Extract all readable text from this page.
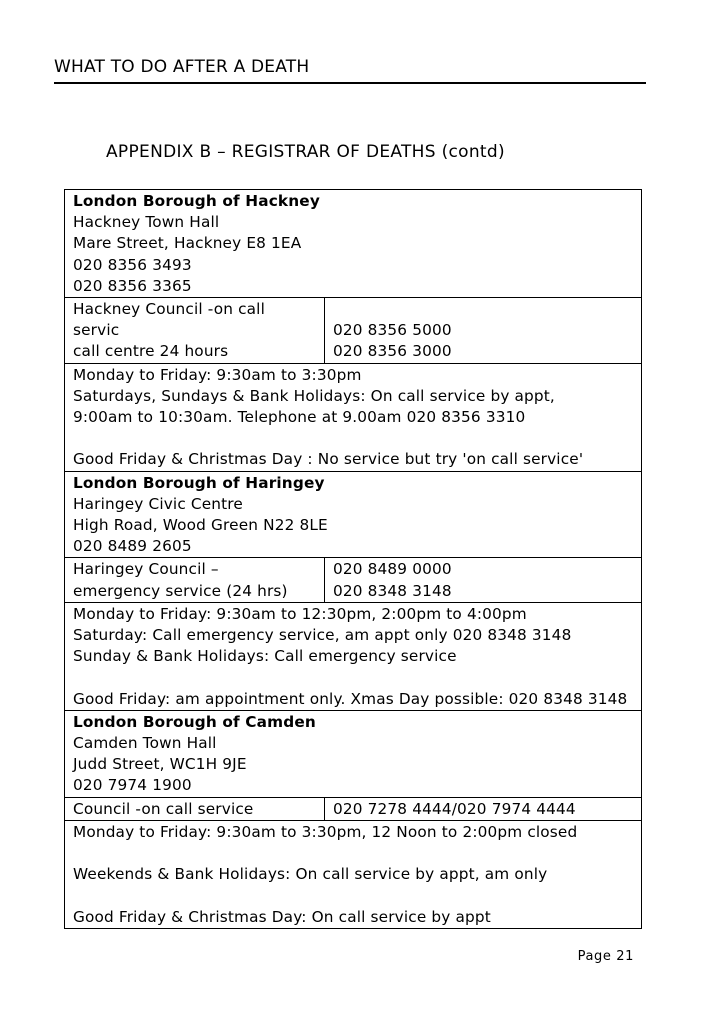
WHAT TO DO AFTER A DEATH
APPENDIX B – REGISTRAR OF DEATHS (contd)
London Borough of Hackney
Hackney Town Hall
Mare Street, Hackney E8 1EA
020 8356 3493
020 8356 3365	

Hackney Council -on call
servic
call centre 24 hours	020 8356 5000
020 8356 3000

Monday to Friday: 9:30am to 3:30pm
Saturdays, Sundays & Bank Holidays: On call service by appt,
9:00am to 10:30am. Telephone at 9.00am 020 8356 3310
Good Friday & Christmas Day : No service but try 'on call service'	

London Borough of Haringey
Haringey Civic Centre
High Road, Wood Green N22 8LE
020 8489 2605	

Haringey Council –
emergency service (24 hrs)	020 8489 0000
020 8348 3148

Monday to Friday: 9:30am to 12:30pm, 2:00pm to 4:00pm
Saturday: Call emergency service, am appt only 020 8348 3148
Sunday & Bank Holidays: Call emergency service
Good Friday: am appointment only. Xmas Day possible: 020 8348 3148	

London Borough of Camden
Camden Town Hall
Judd Street, WC1H 9JE
020 7974 1900	

Council -on call service	020 7278 4444/020 7974 4444

Monday to Friday: 9:30am to 3:30pm, 12 Noon to 2:00pm closed
Weekends & Bank Holidays: On call service by appt, am only
Good Friday & Christmas Day: On call service by appt	
Page 21
